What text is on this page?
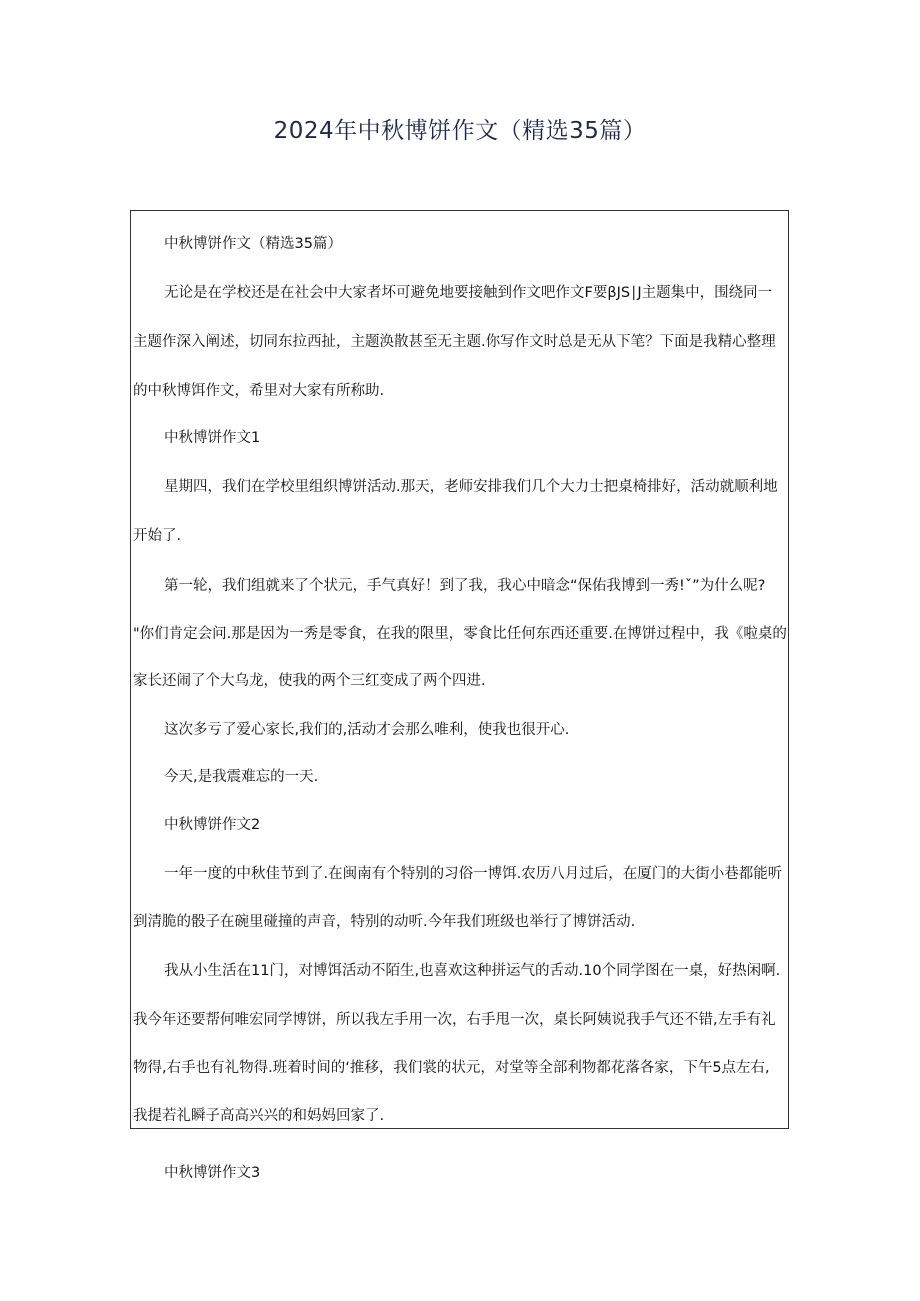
2024年中秋博饼作文（精选35篇）
中秋博饼作文（精选35篇）
无论是在学校还是在社会中大家者坏可避免地要接触到作文吧作文F要βJS∣J主题集中，围绕同一
主题作深入阐述，切同东拉西扯，主题涣散甚至无主题.你写作文时总是无从下笔？下面是我精心整理
的中秋博饵作文，希里对大家有所称助.
中秋博饼作文1
星期四，我们在学校里组织博饼活动.那天，老师安排我们几个大力士把桌椅排好，活动就顺利地
开始了.
第一轮，我们组就来了个状元，手气真好！到了我，我心中暗念“保佑我博到一秀!ˇ”为什么呢?
"你们肯定会问.那是因为一秀是零食，在我的限里，零食比任何东西还重要.在博饼过程中，我《啦桌的
家长还闹了个大乌龙，使我的两个三红变成了两个四进.
这次多亏了爱心家长,我们的,活动才会那么唯利，使我也很开心.
今天,是我震难忘的一天.
中秋博饼作文2
一年一度的中秋佳节到了.在闽南有个特别的习俗一博饵.农历八月过后，在厦门的大街小巷都能听
到清脆的骰子在碗里碰撞的声音，特别的动听.今年我们班级也举行了博饼活动.
我从小生活在11门，对博饵活动不陌生,也喜欢这种拼运气的舌动.10个同学图在一桌，好热闲啊.
我今年还要帮何唯宏同学博饼，所以我左手用一次，右手甩一次，桌长阿姨说我手气还不错,左手有礼
物得,右手也有礼物得.班着时间的‘推移，我们裳的状元，对堂等全部利物都花落各家，下午5点左右,
我提若礼瞬子高高兴兴的和妈妈回家了.
中秋博饼作文3
